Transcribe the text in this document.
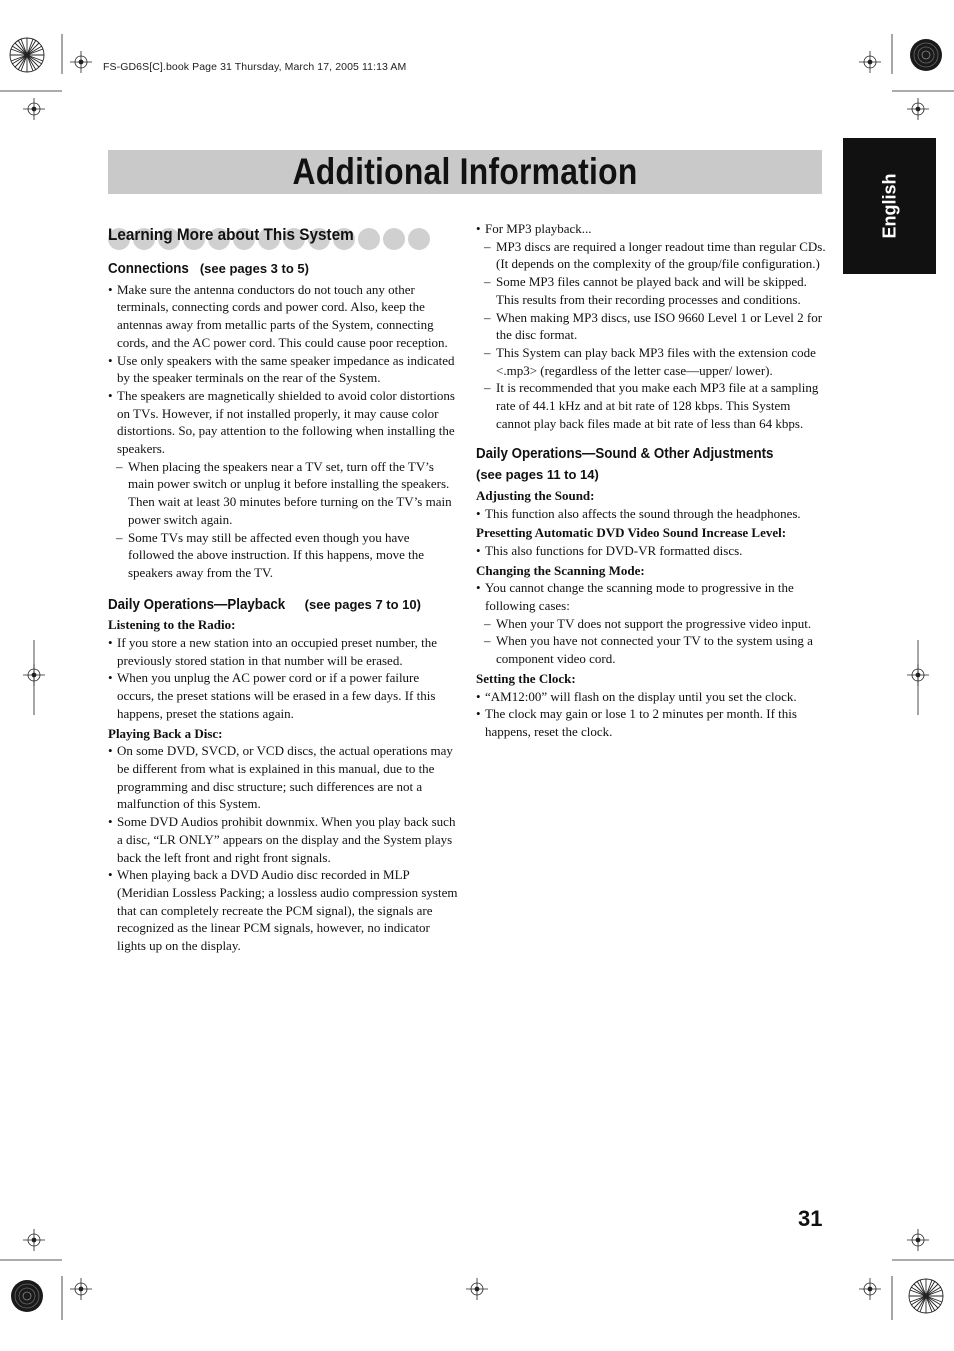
FS-GD6S[C].book Page 31 Thursday, March 17, 2005 11:13 AM
Additional Information
English
Learning More about This System
Connections (see pages 3 to 5)
• Make sure the antenna conductors do not touch any other terminals, connecting cords and power cord. Also, keep the antennas away from metallic parts of the System, connecting cords, and the AC power cord. This could cause poor reception.
• Use only speakers with the same speaker impedance as indicated by the speaker terminals on the rear of the System.
• The speakers are magnetically shielded to avoid color distortions on TVs. However, if not installed properly, it may cause color distortions. So, pay attention to the following when installing the speakers.
– When placing the speakers near a TV set, turn off the TV’s main power switch or unplug it before installing the speakers.
Then wait at least 30 minutes before turning on the TV’s main power switch again.
– Some TVs may still be affected even though you have followed the above instruction. If this happens, move the speakers away from the TV.
Daily Operations—Playback (see pages 7 to 10)
Listening to the Radio:
• If you store a new station into an occupied preset number, the previously stored station in that number will be erased.
• When you unplug the AC power cord or if a power failure occurs, the preset stations will be erased in a few days. If this happens, preset the stations again.
Playing Back a Disc:
• On some DVD, SVCD, or VCD discs, the actual operations may be different from what is explained in this manual, due to the programming and disc structure; such differences are not a malfunction of this System.
• Some DVD Audios prohibit downmix. When you play back such a disc, “LR ONLY” appears on the display and the System plays back the left front and right front signals.
• When playing back a DVD Audio disc recorded in MLP (Meridian Lossless Packing; a lossless audio compression system that can completely recreate the PCM signal), the signals are recognized as the linear PCM signals, however, no indicator lights up on the display.
• For MP3 playback...
– MP3 discs are required a longer readout time than regular CDs. (It depends on the complexity of the group/file configuration.)
– Some MP3 files cannot be played back and will be skipped. This results from their recording processes and conditions.
– When making MP3 discs, use ISO 9660 Level 1 or Level 2 for the disc format.
– This System can play back MP3 files with the extension code <.mp3> (regardless of the letter case—upper/ lower).
– It is recommended that you make each MP3 file at a sampling rate of 44.1 kHz and at bit rate of 128 kbps. This System cannot play back files made at bit rate of less than 64 kbps.
Daily Operations—Sound & Other Adjustments
(see pages 11 to 14)
Adjusting the Sound:
• This function also affects the sound through the headphones.
Presetting Automatic DVD Video Sound Increase Level:
• This also functions for DVD-VR formatted discs.
Changing the Scanning Mode:
• You cannot change the scanning mode to progressive in the following cases:
– When your TV does not support the progressive video input.
– When you have not connected your TV to the system using a component video cord.
Setting the Clock:
• “AM12:00” will flash on the display until you set the clock.
• The clock may gain or lose 1 to 2 minutes per month. If this happens, reset the clock.
31
